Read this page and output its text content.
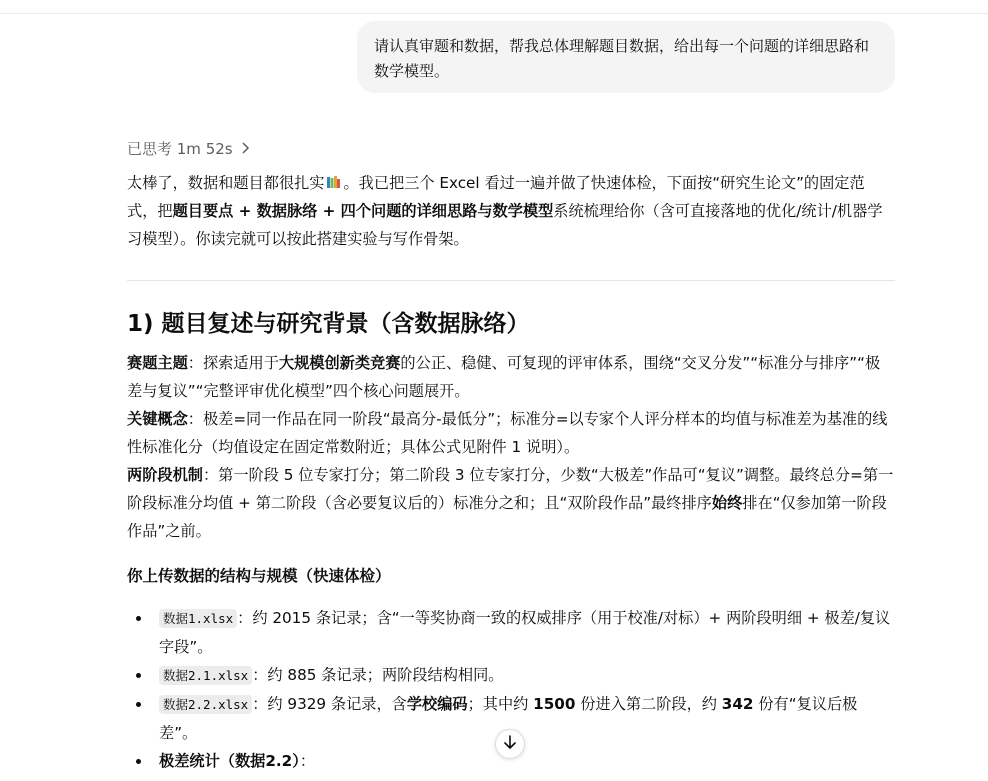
请认真审题和数据，帮我总体理解题目数据，给出每一个问题的详细思路和数学模型。
已思考 1m 52s
太棒了，数据和题目都很扎实 。我已把三个 Excel 看过一遍并做了快速体检，下面按“研究生论文”的固定范式，把题目要点 + 数据脉络 + 四个问题的详细思路与数学模型系统梳理给你（含可直接落地的优化/统计/机器学习模型）。你读完就可以按此搭建实验与写作骨架。
1) 题目复述与研究背景（含数据脉络）
赛题主题：探索适用于大规模创新类竞赛的公正、稳健、可复现的评审体系，围绕“交叉分发”“标准分与排序”“极差与复议”“完整评审优化模型”四个核心问题展开。
关键概念：极差=同一作品在同一阶段“最高分-最低分”；标准分=以专家个人评分样本的均值与标准差为基准的线性标准化分（均值设定在固定常数附近；具体公式见附件 1 说明）。
两阶段机制：第一阶段 5 位专家打分；第二阶段 3 位专家打分，少数“大极差”作品可“复议”调整。最终总分=第一阶段标准分均值 + 第二阶段（含必要复议后的）标准分之和；且“双阶段作品”最终排序始终排在“仅参加第一阶段作品”之前。
你上传数据的结构与规模（快速体检）
数据1.xlsx ：约 2015 条记录；含“一等奖协商一致的权威排序（用于校准/对标）+ 两阶段明细 + 极差/复议字段”。
数据2.1.xlsx ：约 885 条记录；两阶段结构相同。
数据2.2.xlsx ：约 9329 条记录，含学校编码；其中约 1500 份进入第二阶段，约 342 份有“复议后极差”。
极差统计（数据2.2）：
